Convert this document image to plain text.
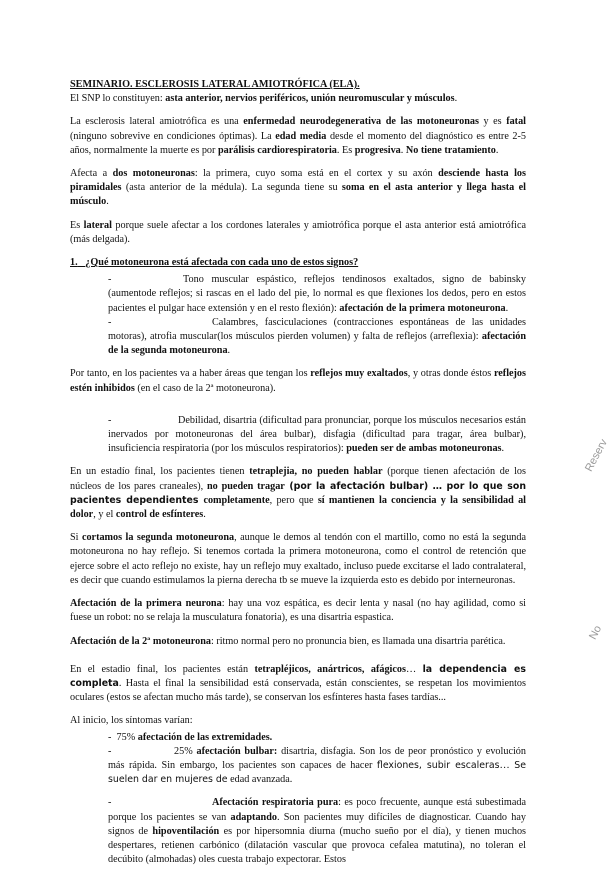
SEMINARIO. ESCLEROSIS LATERAL AMIOTRÓFICA (ELA).

El SNP lo constituyen: asta anterior, nervios periféricos, unión neuromuscular y músculos.

La esclerosis lateral amiotrófica es una enfermedad neurodegenerativa de las motoneuronas y es fatal (ninguno sobrevive en condiciones óptimas). La edad media desde el momento del diagnóstico es entre 2-5 años, normalmente la muerte es por parálisis cardiorespiratoria. Es progresiva. No tiene tratamiento.

Afecta a dos motoneuronas: la primera, cuyo soma está en el cortex y su axón desciende hasta los piramidales (asta anterior de la médula). La segunda tiene su soma en el asta anterior y llega hasta el músculo.

Es lateral porque suele afectar a los cordones laterales y amiotrófica porque el asta anterior está amiotrófica (más delgada).

1. ¿Qué motoneurona está afectada con cada uno de estos signos?

-	Tono muscular espástico, reflejos tendinosos exaltados, signo de babinsky (aumentode reflejos; si rascas en el lado del pie, lo normal es que flexiones los dedos, pero en estos pacientes el pulgar hace extensión y en el resto flexión): afectación de la primera motoneurona.

-	Calambres, fasciculaciones (contracciones espontáneas de las unidades motoras), atrofia muscular(los músculos pierden volumen) y falta de reflejos (arreflexia): afectación de la segunda motoneurona.

Por tanto, en los pacientes va a haber áreas que tengan los reflejos muy exaltados, y otras donde éstos reflejos estén inhibidos (en el caso de la 2ª motoneurona).

-	Debilidad, disartria (dificultad para pronunciar, porque los músculos necesarios están inervados por motoneuronas del área bulbar), disfagia (dificultad para tragar, área bulbar), insuficiencia respiratoria (por los músculos respiratorios): pueden ser de ambas motoneuronas.

En un estadío final, los pacientes tienen tetraplejia, no pueden hablar (porque tienen afectación de los núcleos de los pares craneales), no pueden tragar (por la afectación bulbar) … por lo que son pacientes dependientes completamente, pero que sí mantienen la conciencia y la sensibilidad al dolor, y el control de esfínteres.

Si cortamos la segunda motoneurona, aunque le demos al tendón con el martillo, como no está la segunda motoneurona no hay reflejo. Si tenemos cortada la primera motoneurona, como el control de retención que ejerce sobre el acto reflejo no existe, hay un reflejo muy exaltado, incluso puede excitarse el lado contralateral, es decir que cuando estimulamos la pierna derecha tb se mueve la izquierda esto es debido por interneuronas.

Afectación de la primera neurona: hay una voz espática, es decir lenta y nasal (no hay agilidad, como si fuese un robot: no se relaja la musculatura fonatoria), es una disartria espastica.

Afectación de la 2ª motoneurona: ritmo normal pero no pronuncia bien, es llamada una disartria parética.

En el estadio final, los pacientes están tetrapléjicos, anártricos, afágicos… la dependencia es completa. Hasta el final la sensibilidad está conservada, están conscientes, se respetan los movimientos oculares (estos se afectan mucho más tarde), se conservan los esfínteres hasta fases tardías...

Al inicio, los síntomas varían:

- 75% afectación de las extremidades.

-	25% afectación bulbar: disartria, disfagia. Son los de peor pronóstico y evolución más rápida. Sin embargo, los pacientes son capaces de hacer flexiones, subir escaleras… Se suelen dar en mujeres de edad avanzada.

-	Afectación respiratoria pura: es poco frecuente, aunque está subestimada porque los pacientes se van adaptando. Son pacientes muy difíciles de diagnosticar. Cuando hay signos de hipoventilación es por hipersomnia diurna (mucho sueño por el día), y tienen muchos despertares, retienen carbónico (dilatación vascular que provoca cefalea matutina), no toleran el decúbito (almohadas) oles cuesta trabajo expectorar. Estos

Reserv
No
